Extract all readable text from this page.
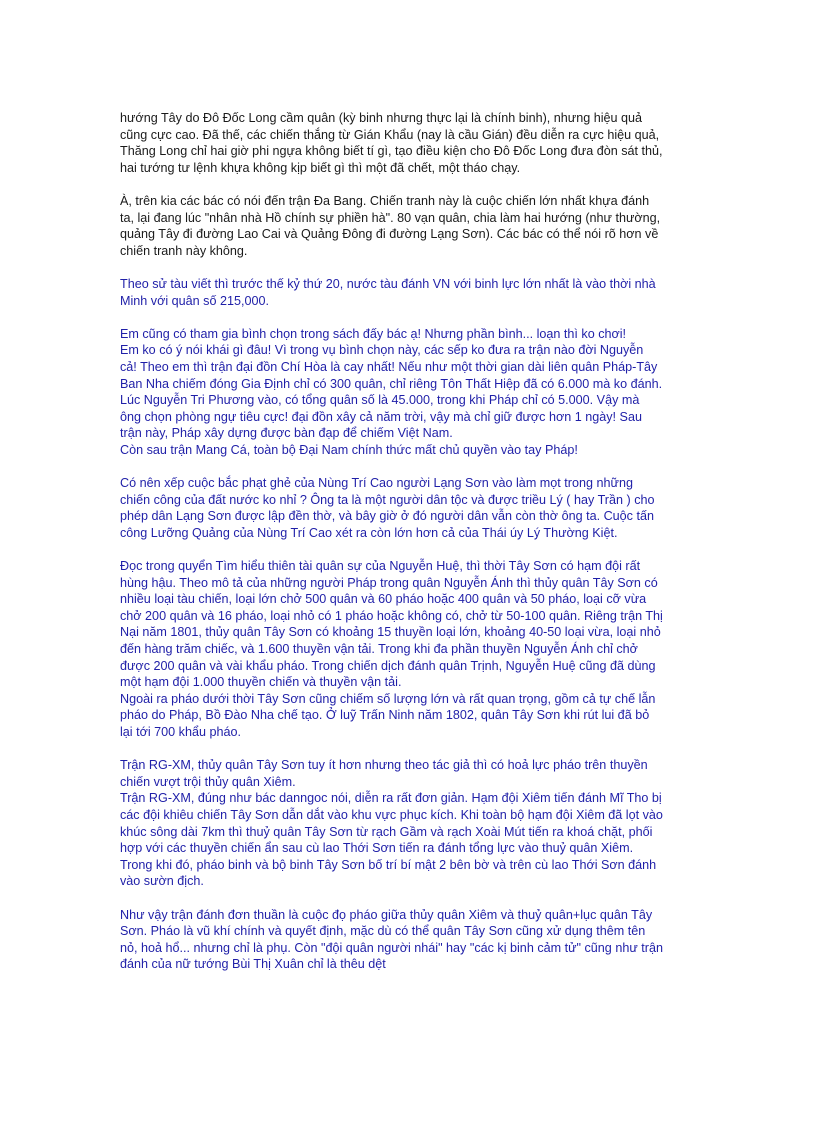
hướng Tây do Đô Đốc Long cầm quân (kỳ binh nhưng thực lại là chính binh), nhưng hiệu quả
cũng cực cao. Đã thế, các chiến thắng từ Gián Khẩu (nay là cầu Gián) đều diễn ra cực hiệu quả,
Thăng Long chỉ hai giờ phi ngựa không biết tí gì, tạo điều kiện cho Đô Đốc Long đưa đòn sát thủ,
hai tướng tư lệnh khựa không kịp biết gì thì một đã chết, một tháo chạy.
À, trên kia các bác có nói đến trận Đa Bang. Chiến tranh này là cuộc chiến lớn nhất khựa đánh
ta, lại đang lúc "nhân nhà Hồ chính sự phiền hà". 80 vạn quân, chia làm hai hướng (như thường,
quảng Tây đi đường Lao Cai và Quảng Đông đi đường Lạng Sơn). Các bác có thể nói rõ hơn về
chiến tranh này không.
Theo sử tàu viết thì trước thế kỷ thứ 20, nước tàu đánh VN với binh lực lớn nhất là vào thời nhà
Minh với quân số 215,000.
Em cũng có tham gia bình chọn trong sách đấy bác ạ! Nhưng phần bình... loạn thì ko chơi!
Em ko có ý nói khái gì đâu! Vì trong vụ bình chọn này, các sếp ko đưa ra trận nào đời Nguyễn
cả! Theo em thì trận đại đồn Chí Hòa là cay nhất! Nếu như một thời gian dài liên quân Pháp-Tây
Ban Nha chiếm đóng Gia Định chỉ có 300 quân, chỉ riêng Tôn Thất Hiệp đã có 6.000 mà ko đánh.
Lúc Nguyễn Tri Phương vào, có tổng quân số là 45.000, trong khi Pháp chỉ có 5.000. Vậy mà
ông chọn phòng ngự tiêu cực! đại đồn xây cả năm trời, vậy mà chỉ giữ được hơn 1 ngày! Sau
trận này, Pháp xây dựng được bàn đạp để chiếm Việt Nam.
Còn sau trận Mang Cá, toàn bộ Đại Nam chính thức mất chủ quyền vào tay Pháp!
Có nên xếp cuộc bắc phạt ghẻ của Nùng Trí Cao người Lạng Sơn vào làm mọt trong những
chiến công của đất nước ko nhỉ ? Ông ta là một người dân tộc và được triều Lý ( hay Trần ) cho
phép dân Lạng Sơn được lập đền thờ, và bây giờ ở đó người dân vẫn còn thờ ông ta. Cuộc tấn
công Lưỡng Quảng của Nùng Trí Cao xét ra còn lớn hơn cả của Thái úy Lý Thường Kiệt.
Đọc trong quyển Tìm hiểu thiên tài quân sự của Nguyễn Huệ, thì thời Tây Sơn có hạm đội rất
hùng hậu. Theo mô tả của những người Pháp trong quân Nguyễn Ánh thì thủy quân Tây Sơn có
nhiều loại tàu chiến, loại lớn chở 500 quân và 60 pháo hoặc 400 quân và 50 pháo, loại cỡ vừa
chở 200 quân và 16 pháo, loại nhỏ có 1 pháo hoặc không có, chở từ 50-100 quân. Riêng trận Thị
Nại năm 1801, thủy quân Tây Sơn có khoảng 15 thuyền loại lớn, khoảng 40-50 loại vừa, loại nhỏ
đến hàng trăm chiếc, và 1.600 thuyền vận tải. Trong khi đa phần thuyền Nguyễn Ánh chỉ chở
được 200 quân và vài khẩu pháo. Trong chiến dịch đánh quân Trịnh, Nguyễn Huệ cũng đã dùng
một hạm đội 1.000 thuyền chiến và thuyền vận tải.
Ngoài ra pháo dưới thời Tây Sơn cũng chiếm số lượng lớn và rất quan trọng, gồm cả tự chế lẫn
pháo do Pháp, Bồ Đào Nha chế tạo. Ở luỹ Trấn Ninh năm 1802, quân Tây Sơn khi rút lui đã bỏ
lại tới 700 khẩu pháo.
Trận RG-XM, thủy quân Tây Sơn tuy ít hơn nhưng theo tác giả thì có hoả lực pháo trên thuyền
chiến vượt trội thủy quân Xiêm.
Trận RG-XM, đúng như bác danngoc nói, diễn ra rất đơn giản. Hạm đội Xiêm tiến đánh Mĩ Tho bị
các đội khiêu chiến Tây Sơn dẫn dắt vào khu vực phục kích. Khi toàn bộ hạm đội Xiêm đã lọt vào
khúc sông dài 7km thì thuỷ quân Tây Sơn từ rạch Gầm và rạch Xoài Mút tiến ra khoá chặt, phối
hợp với các thuyền chiến ẩn sau cù lao Thới Sơn tiến ra đánh tổng lực vào thuỷ quân Xiêm.
Trong khi đó, pháo binh và bộ binh Tây Sơn bố trí bí mật 2 bên bờ và trên cù lao Thới Sơn đánh
vào sườn địch.
Như vậy trận đánh đơn thuần là cuộc đọ pháo giữa thủy quân Xiêm và thuỷ quân+lục quân Tây
Sơn. Pháo là vũ khí chính và quyết định, mặc dù có thể quân Tây Sơn cũng xử dụng thêm tên
nỏ, hoả hổ... nhưng chỉ là phụ. Còn "đội quân người nhái" hay "các kị binh cảm tử" cũng như trận
đánh của nữ tướng Bùi Thị Xuân chỉ là thêu dệt
